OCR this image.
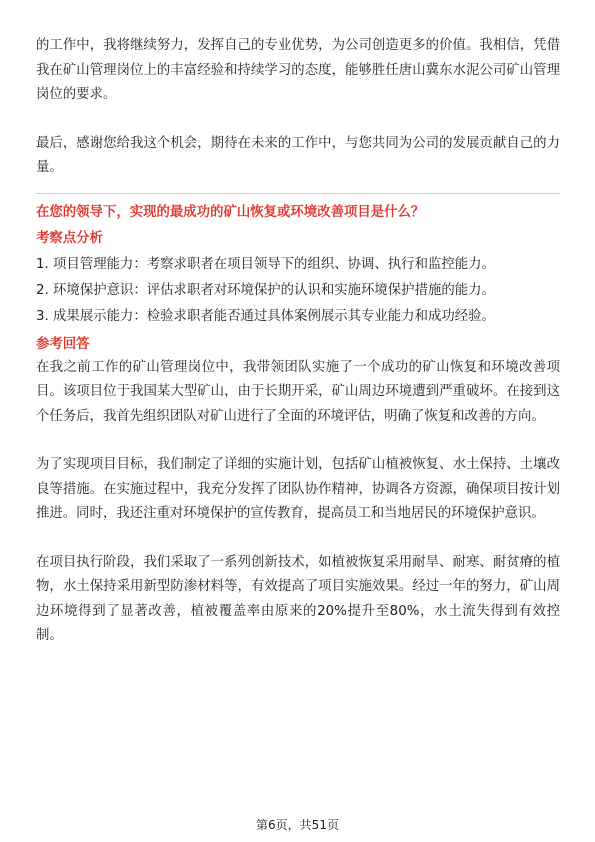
的工作中，我将继续努力，发挥自己的专业优势，为公司创造更多的价值。我相信，凭借我在矿山管理岗位上的丰富经验和持续学习的态度，能够胜任唐山冀东水泥公司矿山管理岗位的要求。

最后，感谢您给我这个机会，期待在未来的工作中，与您共同为公司的发展贡献自己的力量。

在您的领导下，实现的最成功的矿山恢复或环境改善项目是什么？
考察点分析
1. 项目管理能力：考察求职者在项目领导下的组织、协调、执行和监控能力。
2. 环境保护意识：评估求职者对环境保护的认识和实施环境保护措施的能力。
3. 成果展示能力：检验求职者能否通过具体案例展示其专业能力和成功经验。
参考回答

在我之前工作的矿山管理岗位中，我带领团队实施了一个成功的矿山恢复和环境改善项目。该项目位于我国某大型矿山，由于长期开采，矿山周边环境遭到严重破坏。在接到这个任务后，我首先组织团队对矿山进行了全面的环境评估，明确了恢复和改善的方向。

为了实现项目目标，我们制定了详细的实施计划，包括矿山植被恢复、水土保持、土壤改良等措施。在实施过程中，我充分发挥了团队协作精神，协调各方资源，确保项目按计划推进。同时，我还注重对环境保护的宣传教育，提高员工和当地居民的环境保护意识。

在项目执行阶段，我们采取了一系列创新技术，如植被恢复采用耐旱、耐寒、耐贫瘠的植物，水土保持采用新型防渗材料等，有效提高了项目实施效果。经过一年的努力，矿山周边环境得到了显著改善，植被覆盖率由原来的20%提升至80%，水土流失得到有效控制。

第6页，共51页
